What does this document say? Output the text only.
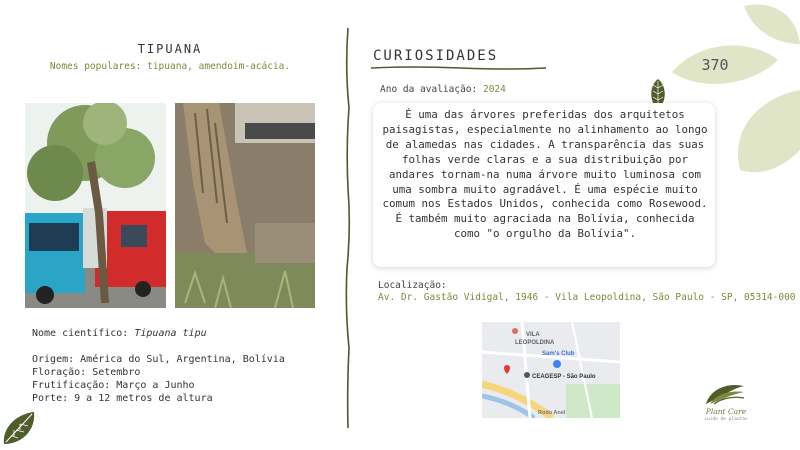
TIPUANA
Nomes populares: tipuana, amendoim-acácia.
Nome científico: Tipuana tipu
Origem: América do Sul, Argentina, Bolívia
Floração: Setembro
Frutificação: Março a Junho
Porte: 9 a 12 metros de altura
CURIOSIDADES
Ano da avaliação: 2024
É uma das árvores preferidas dos arquitetos paisagistas, especialmente no alinhamento ao longo de alamedas nas cidades. A transparência das suas folhas verde claras e a sua distribuição por andares tornam-na numa árvore muito luminosa com uma sombra muito agradável. É uma espécie muito comum nos Estados Unidos, conhecida como Rosewood. É também muito agraciada na Bolívia, conhecida como "o orgulho da Bolívia".
Localização:
Av. Dr. Gastão Vidigal, 1946 - Vila Leopoldina, São Paulo - SP, 05314-000
VILA
LEOPOLDINA
Sam's Club
CEAGESP - São Paulo
Rodo Anel
370
Plant Care
cuido de plantas
